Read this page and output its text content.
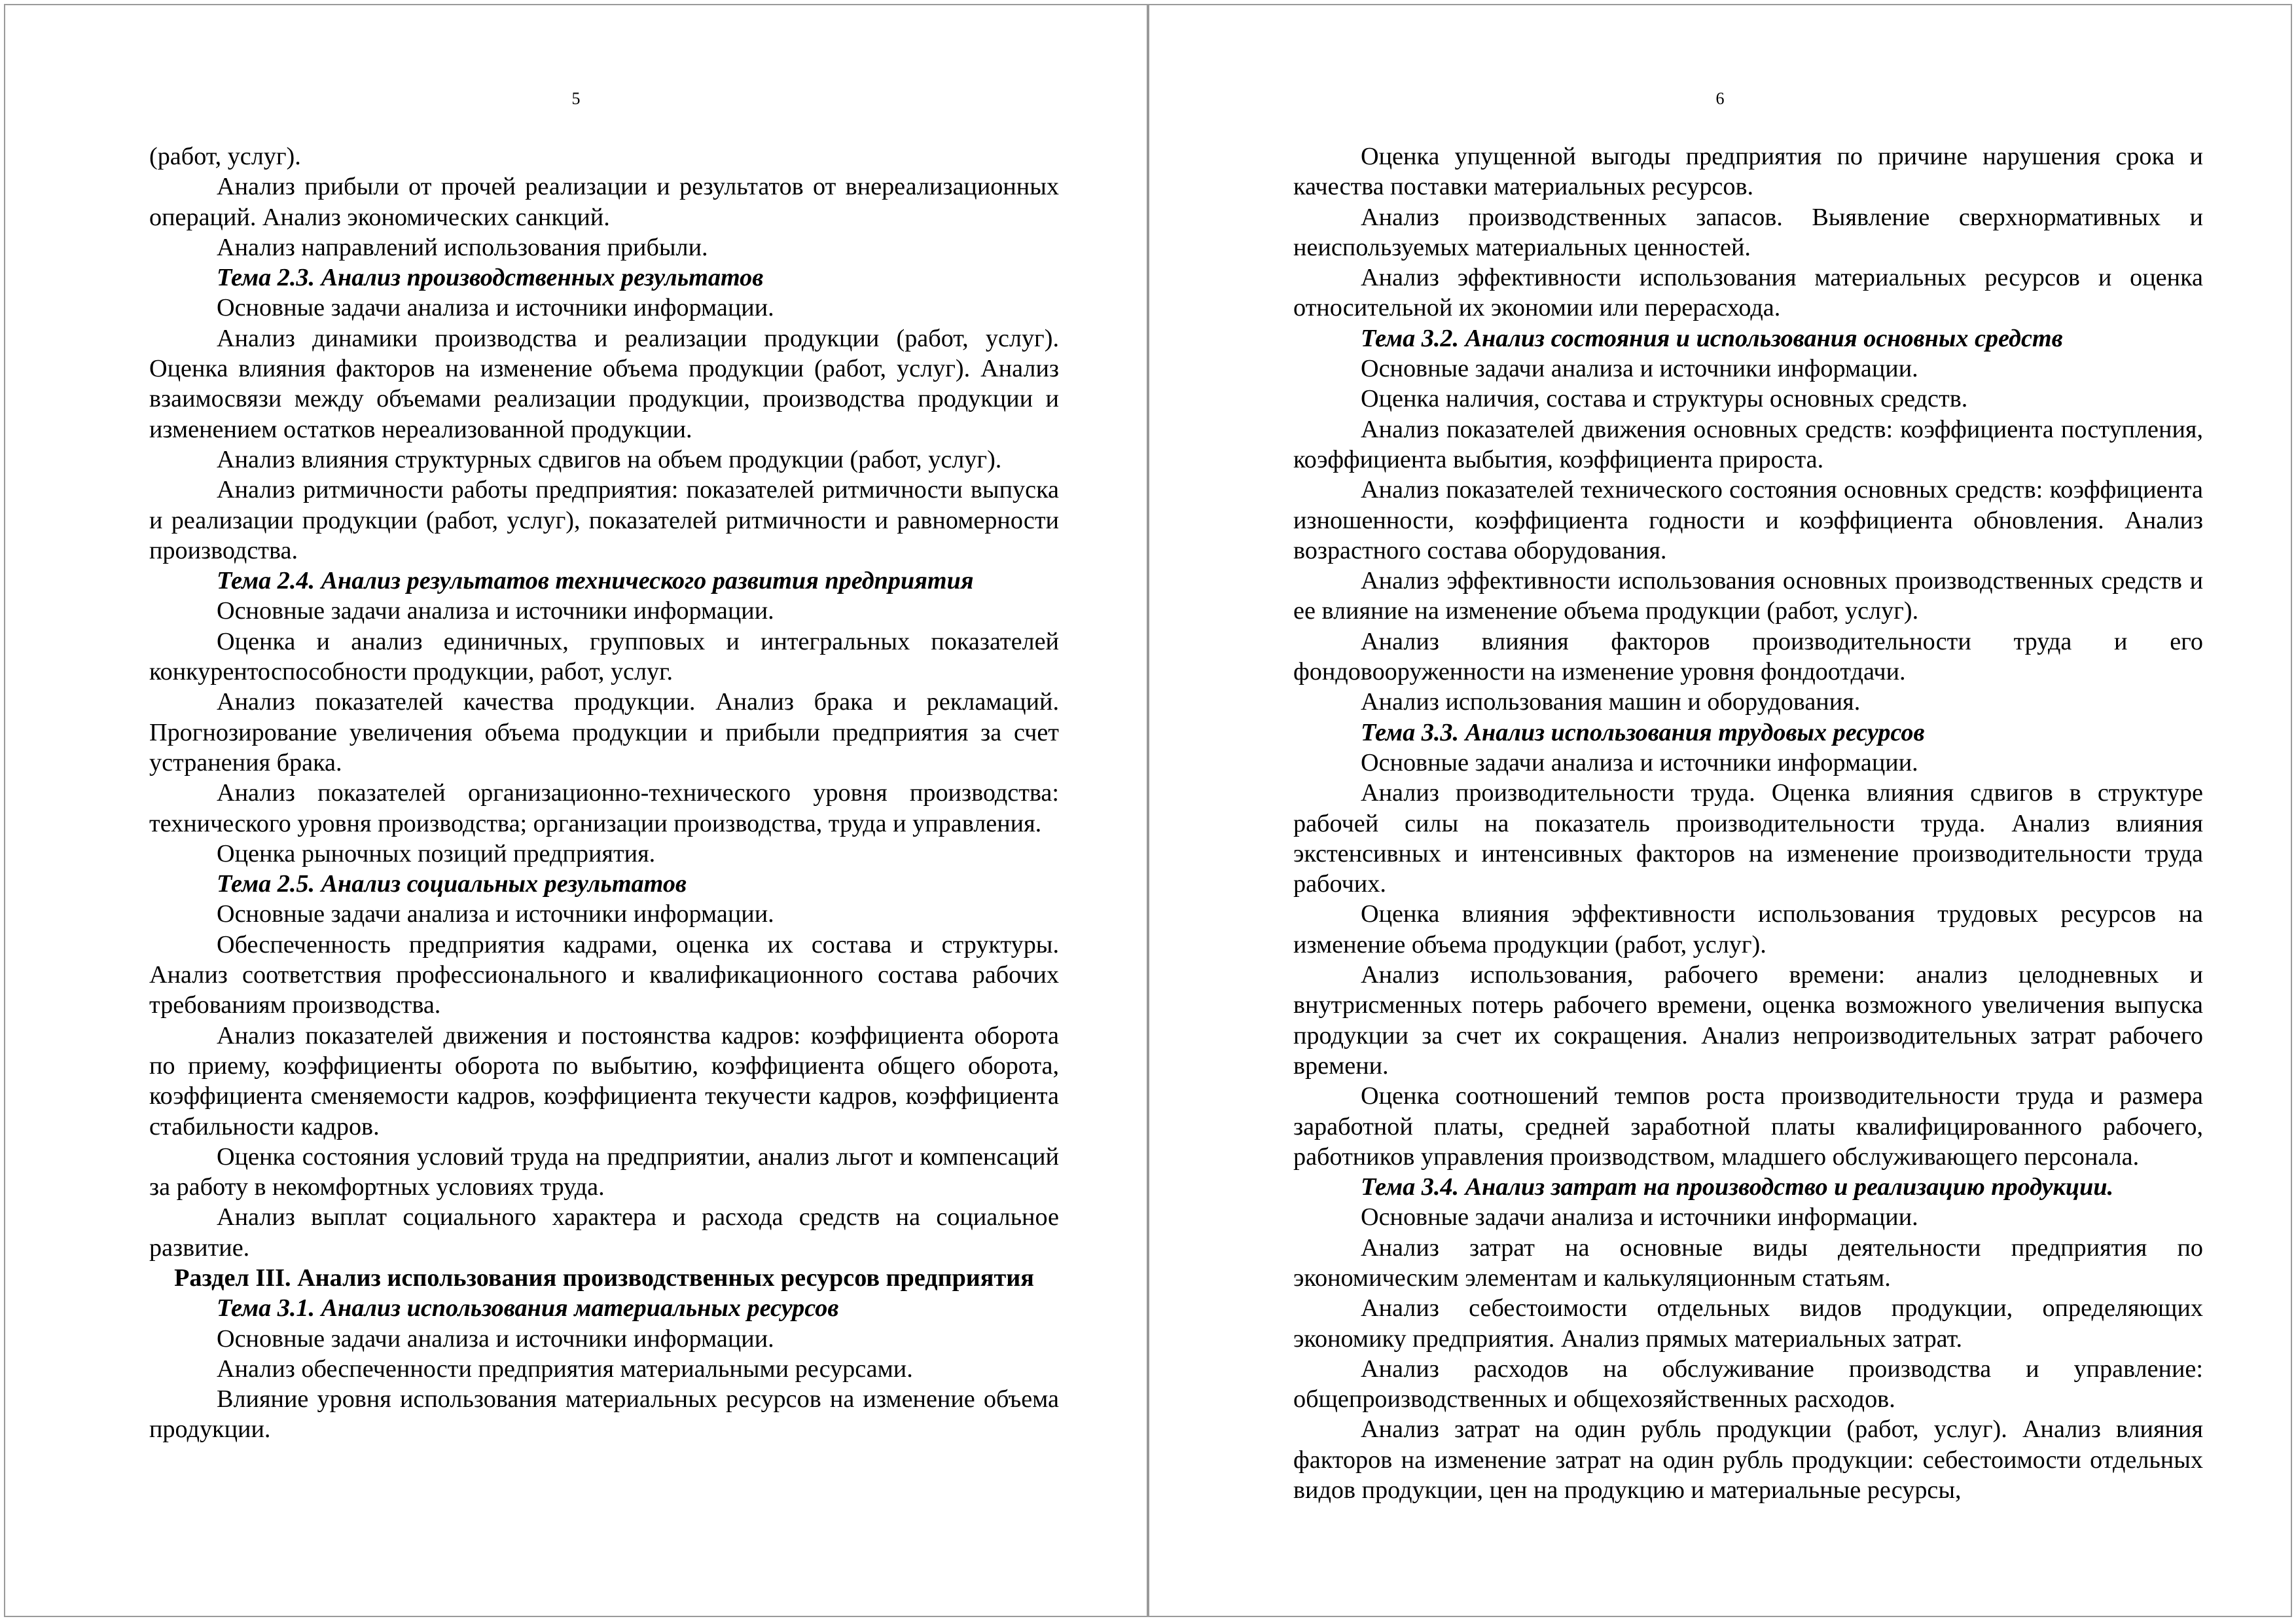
5

(работ, услуг).

Анализ прибыли от прочей реализации и результатов от внереализационных операций. Анализ экономических санкций.

Анализ направлений использования прибыли.

Тема 2.3. Анализ производственных результатов

Основные задачи анализа и источники информации.

Анализ динамики производства и реализации продукции (работ, услуг). Оценка влияния факторов на изменение объема продукции (работ, услуг). Анализ взаимосвязи между объемами реализации продукции, производства продукции и изменением остатков нереализованной продукции.

Анализ влияния структурных сдвигов на объем продукции (работ, услуг).

Анализ ритмичности работы предприятия: показателей ритмичности выпуска и реализации продукции (работ, услуг), показателей ритмичности и равномерности производства.

Тема 2.4. Анализ результатов технического развития предприятия

Основные задачи анализа и источники информации.

Оценка и анализ единичных, групповых и интегральных показателей конкурентоспособности продукции, работ, услуг.

Анализ показателей качества продукции. Анализ брака и рекламаций. Прогнозирование увеличения объема продукции и прибыли предприятия за счет устранения брака.

Анализ показателей организационно-технического уровня производства: технического уровня производства; организации производства, труда и управления.

Оценка рыночных позиций предприятия.

Тема 2.5. Анализ социальных результатов

Основные задачи анализа и источники информации.

Обеспеченность предприятия кадрами, оценка их состава и структуры. Анализ соответствия профессионального и квалификационного состава рабочих требованиям производства.

Анализ показателей движения и постоянства кадров: коэффициента оборота по приему, коэффициенты оборота по выбытию, коэффициента общего оборота, коэффициента сменяемости кадров, коэффициента текучести кадров, коэффициента стабильности кадров.

Оценка состояния условий труда на предприятии, анализ льгот и компенсаций за работу в некомфортных условиях труда.

Анализ выплат социального характера и расхода средств на социальное развитие.

Раздел III. Анализ использования производственных ресурсов предприятия

Тема 3.1. Анализ использования материальных ресурсов

Основные задачи анализа и источники информации.

Анализ обеспеченности предприятия материальными ресурсами.

Влияние уровня использования материальных ресурсов на изменение объема продукции.

6

Оценка упущенной выгоды предприятия по причине нарушения срока и качества поставки материальных ресурсов.

Анализ производственных запасов. Выявление сверхнормативных и неиспользуемых материальных ценностей.

Анализ эффективности использования материальных ресурсов и оценка относительной их экономии или перерасхода.

Тема 3.2. Анализ состояния и использования основных средств

Основные задачи анализа и источники информации.

Оценка наличия, состава и структуры основных средств.

Анализ показателей движения основных средств: коэффициента поступления, коэффициента выбытия, коэффициента прироста.

Анализ показателей технического состояния основных средств: коэффициента изношенности, коэффициента годности и коэффициента обновления. Анализ возрастного состава оборудования.

Анализ эффективности использования основных производственных средств и ее влияние на изменение объема продукции (работ, услуг).

Анализ влияния факторов производительности труда и его фондовооруженности на изменение уровня фондоотдачи.

Анализ использования машин и оборудования.

Тема 3.3. Анализ использования трудовых ресурсов

Основные задачи анализа и источники информации.

Анализ производительности труда. Оценка влияния сдвигов в структуре рабочей силы на показатель производительности труда. Анализ влияния экстенсивных и интенсивных факторов на изменение производительности труда рабочих.

Оценка влияния эффективности использования трудовых ресурсов на изменение объема продукции (работ, услуг).

Анализ использования, рабочего времени: анализ целодневных и внутрисменных потерь рабочего времени, оценка возможного увеличения выпуска продукции за счет их сокращения. Анализ непроизводительных затрат рабочего времени.

Оценка соотношений темпов роста производительности труда и размера заработной платы, средней заработной платы квалифицированного рабочего, работников управления производством, младшего обслуживающего персонала.

Тема 3.4. Анализ затрат на производство и реализацию продукции.

Основные задачи анализа и источники информации.

Анализ затрат на основные виды деятельности предприятия по экономическим элементам и калькуляционным статьям.

Анализ себестоимости отдельных видов продукции, определяющих экономику предприятия. Анализ прямых материальных затрат.

Анализ расходов на обслуживание производства и управление: общепроизводственных и общехозяйственных расходов.

Анализ затрат на один рубль продукции (работ, услуг). Анализ влияния факторов на изменение затрат на один рубль продукции: себестоимости отдельных видов продукции, цен на продукцию и материальные ресурсы,
